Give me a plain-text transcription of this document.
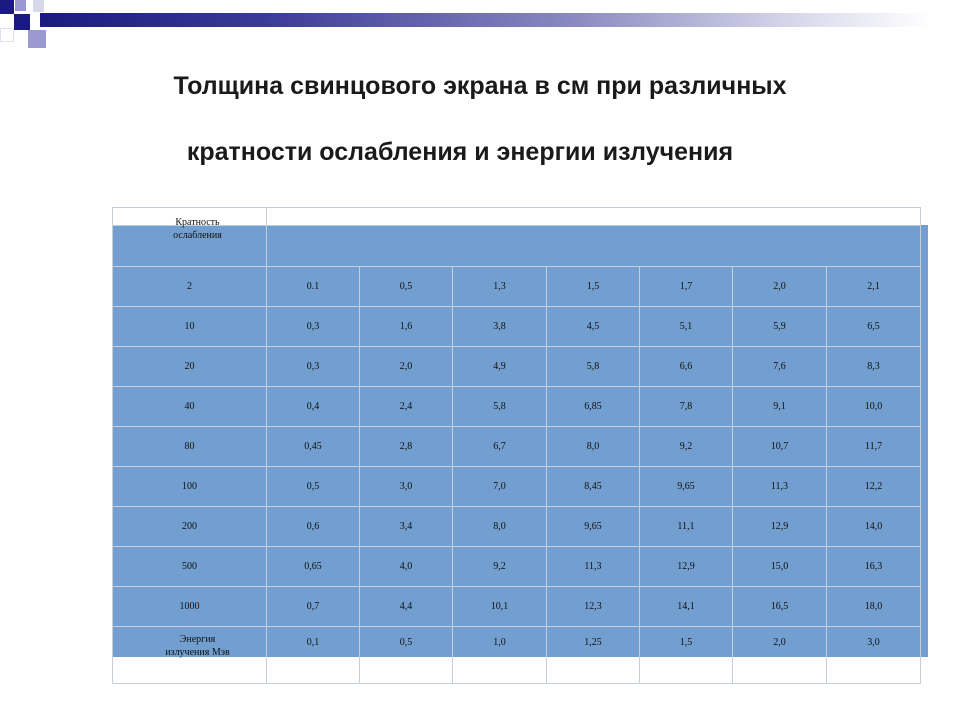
Толщина свинцового экрана в см при различных
кратности ослабления и энергии излучения
Кратность
ослабления							

2	0.1	0,5	1,3	1,5	1,7	2,0	2,1
10	0,3	1,6	3,8	4,5	5,1	5,9	6,5
20	0,3	2,0	4,9	5,8	6,6	7,6	8,3
40	0,4	2,4	5,8	6,85	7,8	9,1	10,0
80	0,45	2,8	6,7	8,0	9,2	10,7	11,7
100	0,5	3,0	7,0	8,45	9,65	11,3	12,2
200	0,6	3,4	8,0	9,65	11,1	12,9	14,0
500	0,65	4,0	9,2	11,3	12,9	15,0	16,3
1000	0,7	4,4	10,1	12,3	14,1	16,5	18,0

Энергия
излучения Мэв	0,1	0,5	1,0	1,25	1,5	2,0	3,0
